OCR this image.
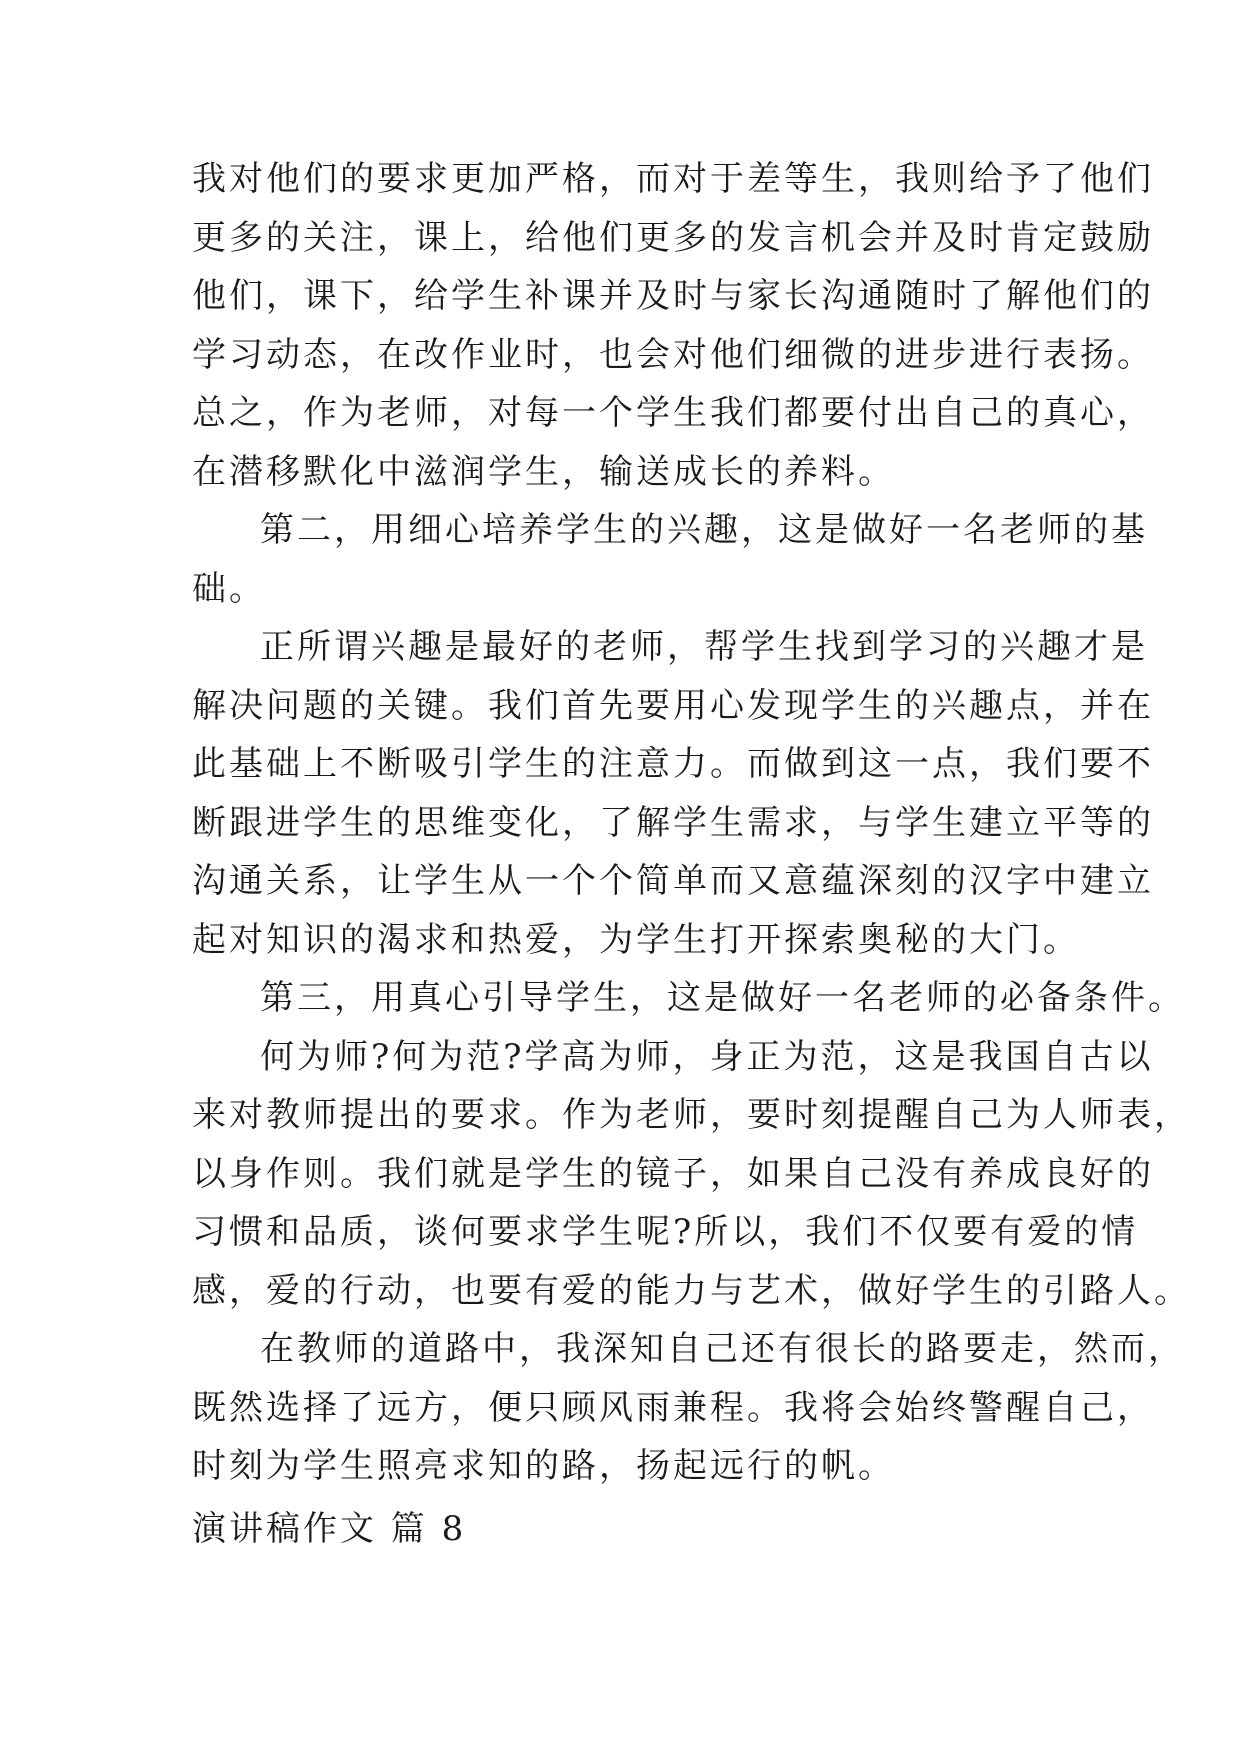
我对他们的要求更加严格，而对于差等生，我则给予了他们
更多的关注，课上，给他们更多的发言机会并及时肯定鼓励
他们，课下，给学生补课并及时与家长沟通随时了解他们的
学习动态，在改作业时，也会对他们细微的进步进行表扬。
总之，作为老师，对每一个学生我们都要付出自己的真心，
在潜移默化中滋润学生，输送成长的养料。
第二，用细心培养学生的兴趣，这是做好一名老师的基
础。
正所谓兴趣是最好的老师，帮学生找到学习的兴趣才是
解决问题的关键。我们首先要用心发现学生的兴趣点，并在
此基础上不断吸引学生的注意力。而做到这一点，我们要不
断跟进学生的思维变化，了解学生需求，与学生建立平等的
沟通关系，让学生从一个个简单而又意蕴深刻的汉字中建立
起对知识的渴求和热爱，为学生打开探索奥秘的大门。
第三，用真心引导学生，这是做好一名老师的必备条件。
何为师?何为范?学高为师，身正为范，这是我国自古以
来对教师提出的要求。作为老师，要时刻提醒自己为人师表，
以身作则。我们就是学生的镜子，如果自己没有养成良好的
习惯和品质，谈何要求学生呢?所以，我们不仅要有爱的情
感，爱的行动，也要有爱的能力与艺术，做好学生的引路人。
在教师的道路中，我深知自己还有很长的路要走，然而，
既然选择了远方，便只顾风雨兼程。我将会始终警醒自己，
时刻为学生照亮求知的路，扬起远行的帆。
演讲稿作文 篇 8
